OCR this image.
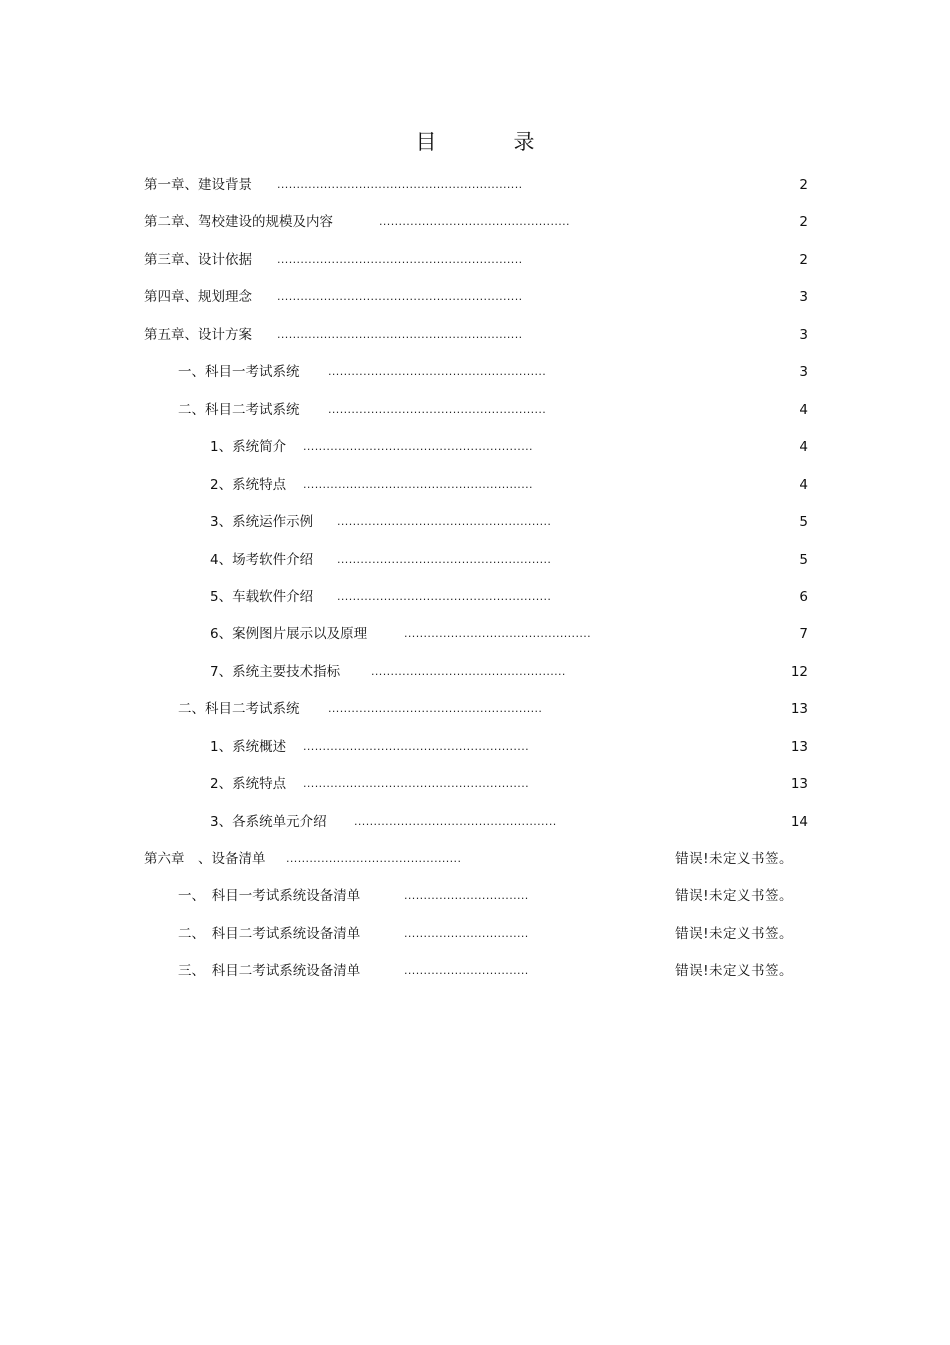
目　录
第一章、建设背景 ...............................................................	2
第二章、驾校建设的规模及内容	.................................................	2
第三章、设计依据 ...............................................................	2
第四章、规划理念 ...............................................................	3
第五章、设计方案 ...............................................................	3
一、科目一考试系统	........................................................	3
二、科目二考试系统	........................................................	4
1、系统简介 ...........................................................	4
2、系统特点 ...........................................................	4
3、系统运作示例 .......................................................	5
4、场考软件介绍 .......................................................	5
5、车载软件介绍 .......................................................	6
6、案例图片展示以及原理	................................................	7
7、系统主要技术指标	..................................................	12
二、科目二考试系统	.......................................................	13
1、系统概述 ..........................................................	13
2、系统特点 ..........................................................	13
3、各系统单元介绍 ....................................................	14
第六章　、设备清单 .............................................	错误!未定义书签。
一、　科目一考试系统设备清单	................................	错误!未定义书签。
二、　科目二考试系统设备清单	................................	错误!未定义书签。
三、　科目二考试系统设备清单	................................	错误!未定义书签。
